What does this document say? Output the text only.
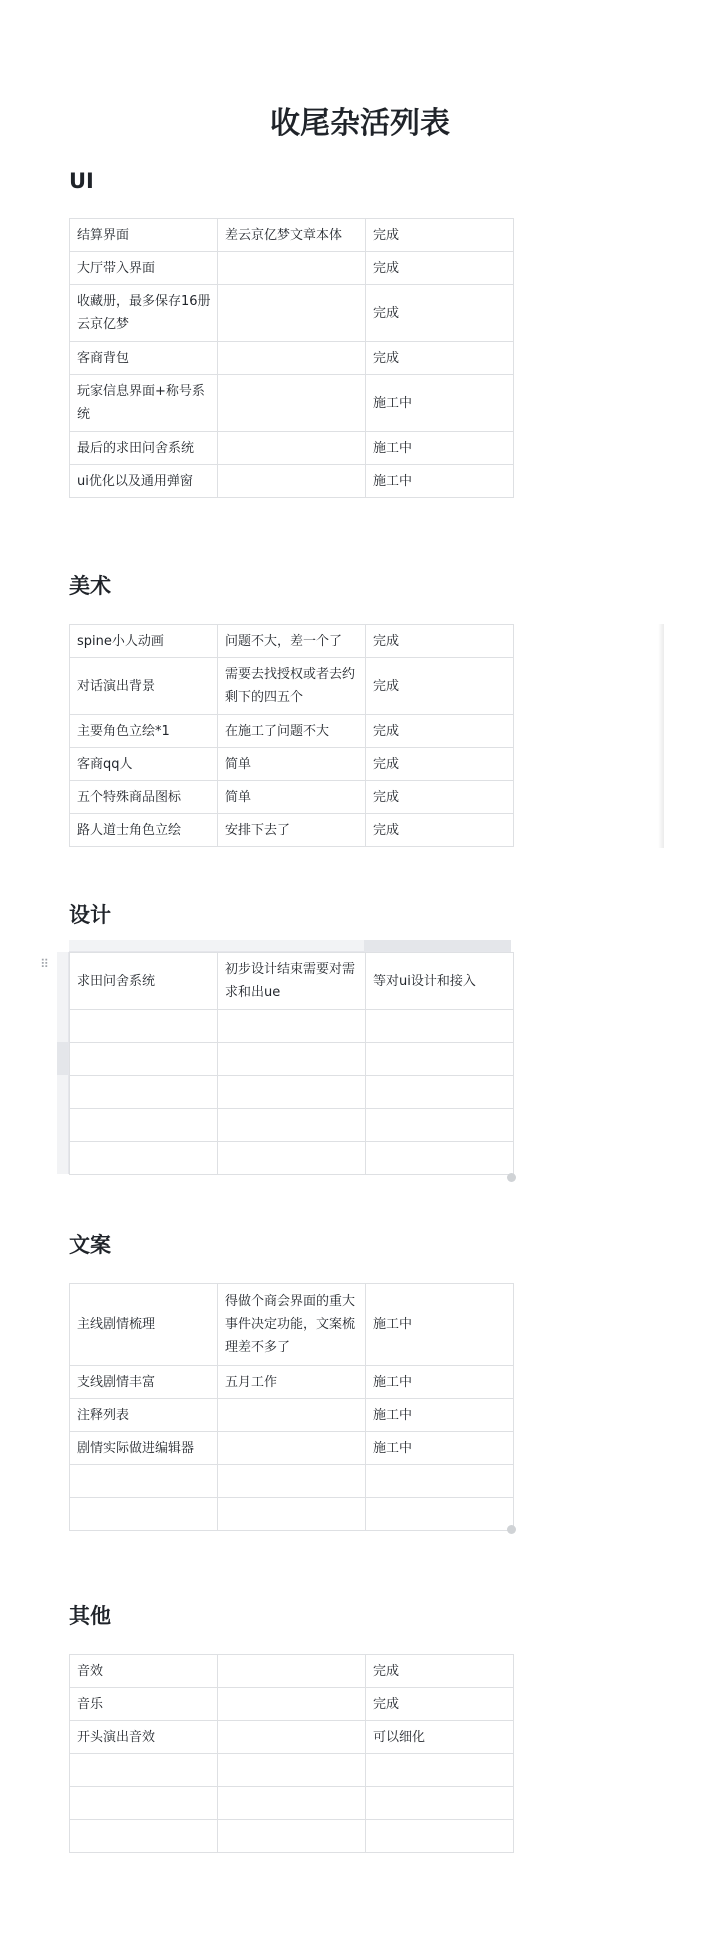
收尾杂活列表
UI
结算界面	差云京亿梦文章本体	完成
大厅带入界面		完成
收藏册，最多保存16册云京亿梦		完成
客商背包		完成
玩家信息界面+称号系统		施工中
最后的求田问舍系统		施工中
ui优化以及通用弹窗		施工中
美术
spine小人动画	问题不大，差一个了	完成
对话演出背景	需要去找授权或者去约剩下的四五个	完成
主要角色立绘*1	在施工了问题不大	完成
客商qq人	简单	完成
五个特殊商品图标	简单	完成
路人道士角色立绘	安排下去了	完成
设计
⠿
求田问舍系统	初步设计结束需要对需求和出ue	等对ui设计和接入

文案
主线剧情梳理	得做个商会界面的重大事件决定功能，文案梳理差不多了	施工中
支线剧情丰富	五月工作	施工中
注释列表		施工中
剧情实际做进编辑器		施工中

其他
音效		完成
音乐		完成
开头演出音效		可以细化
